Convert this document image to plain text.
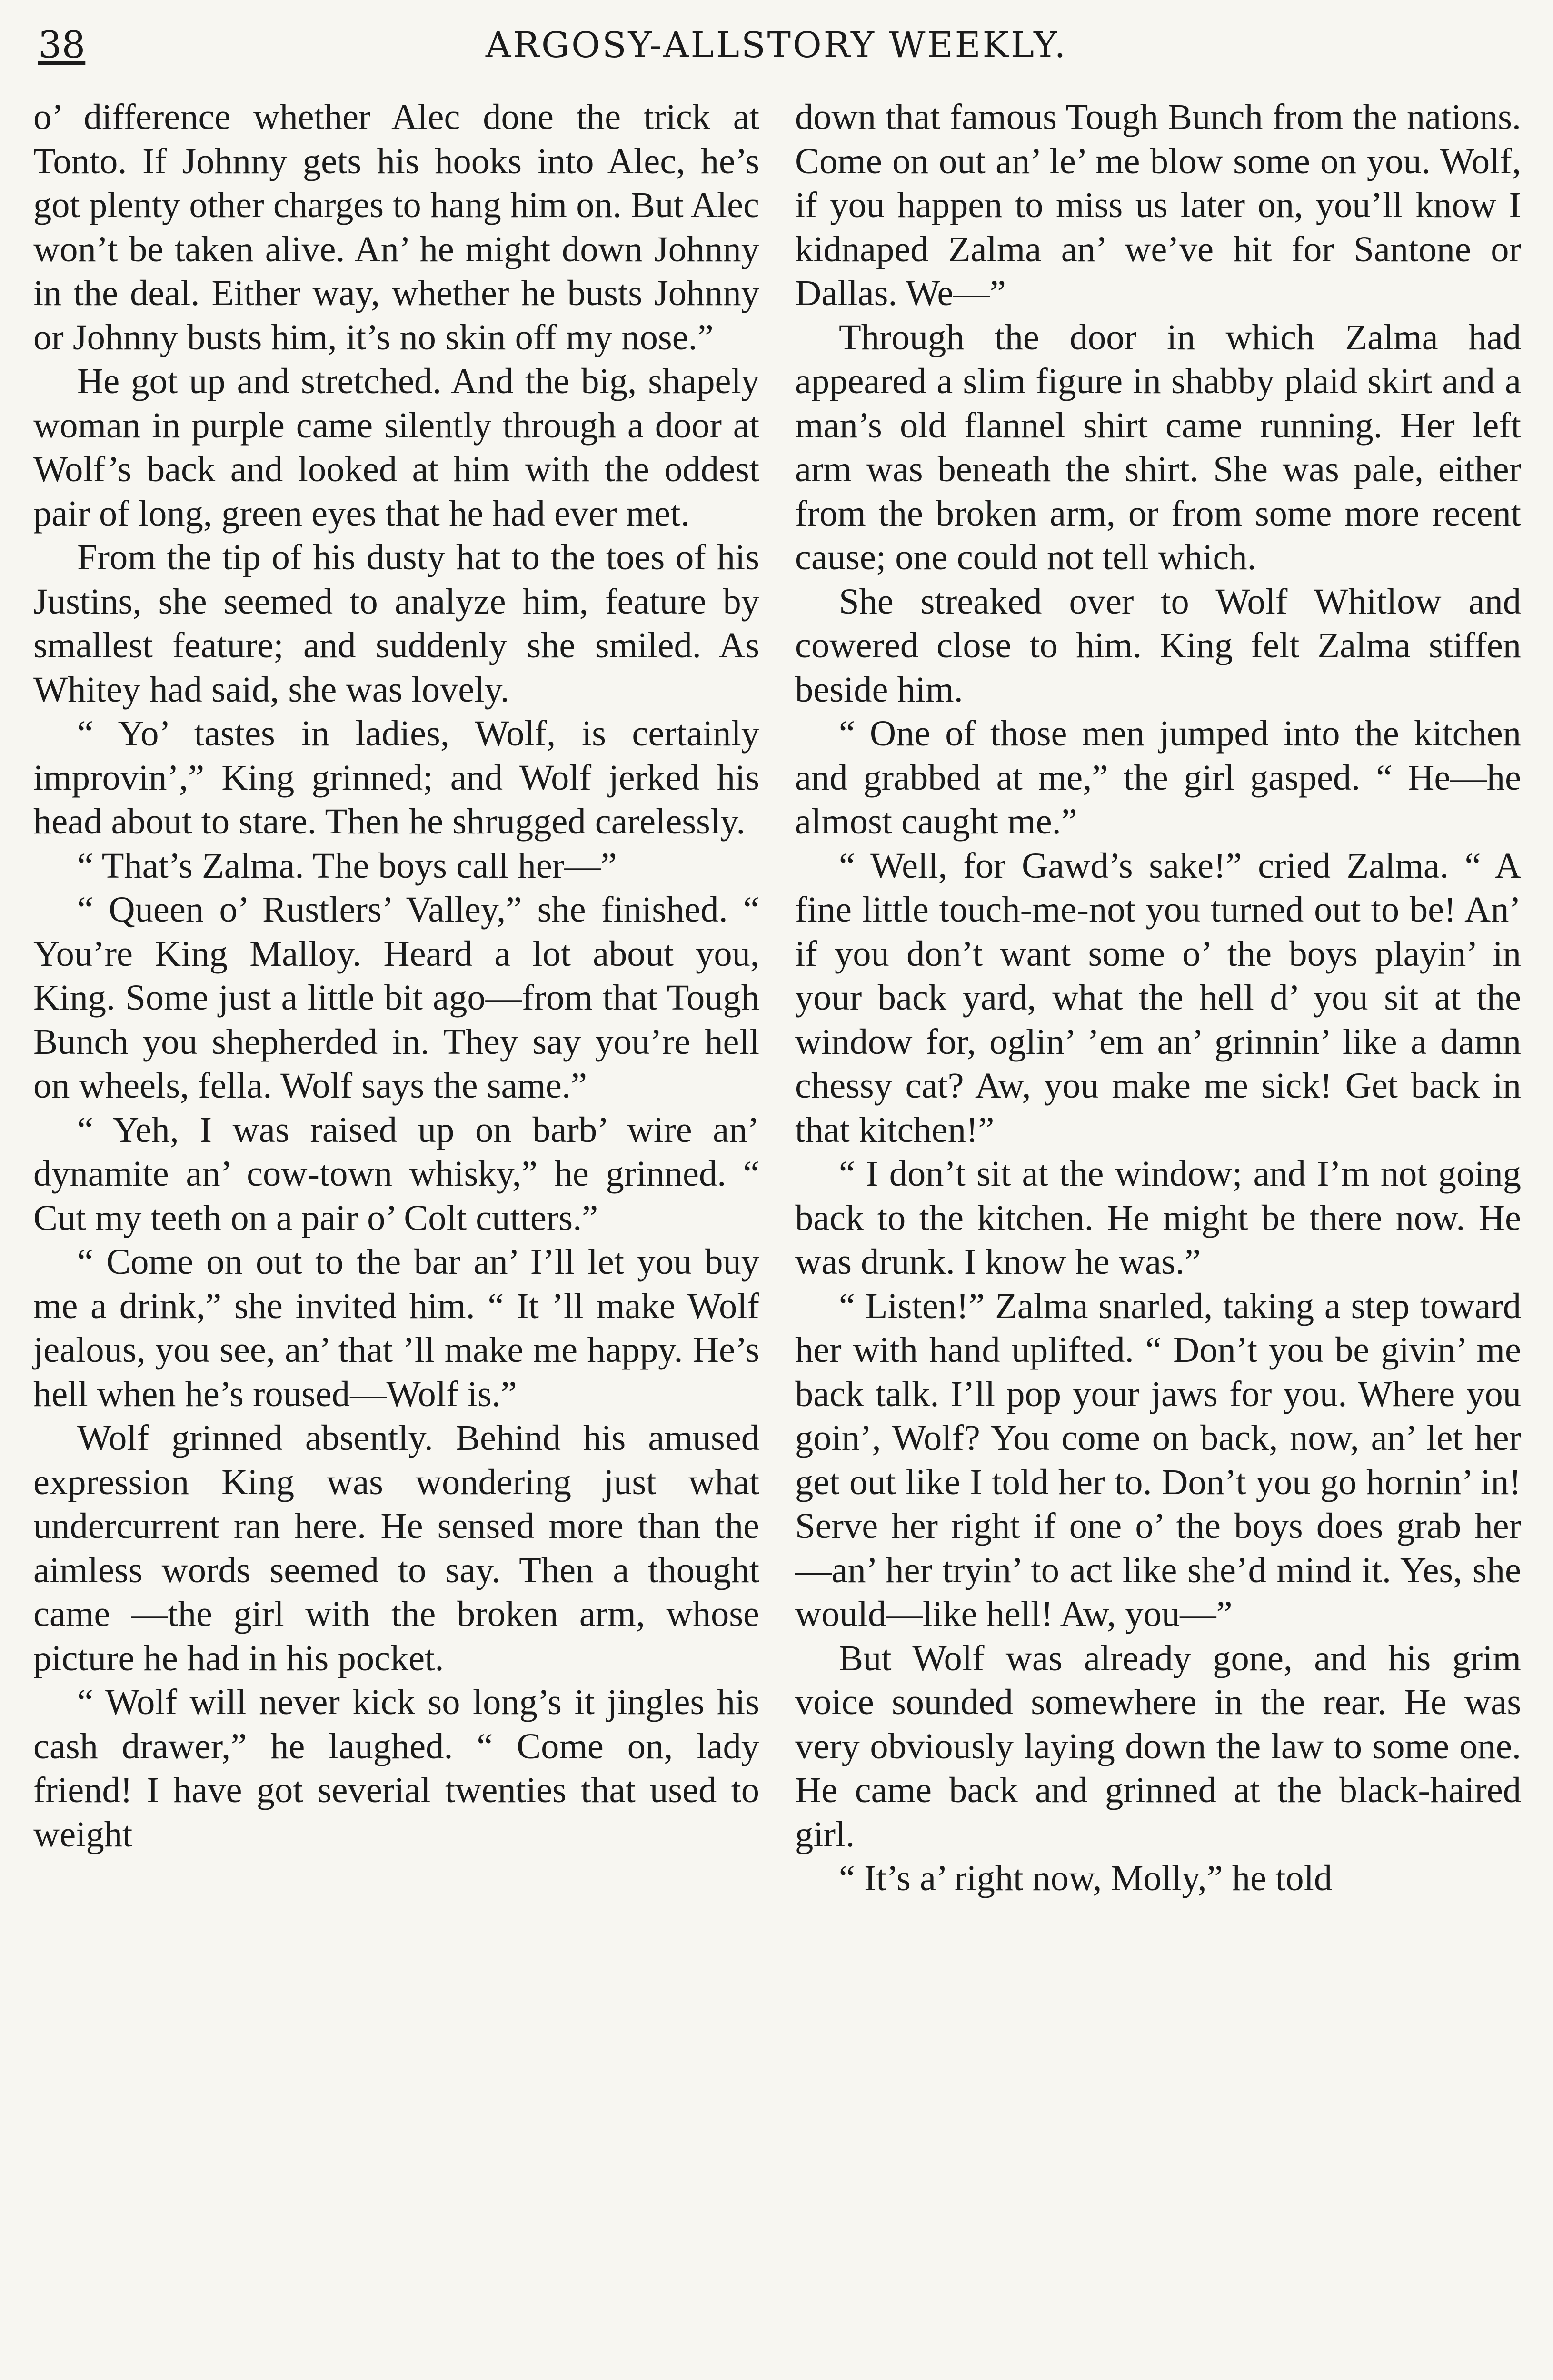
38	ARGOSY-ALLSTORY WEEKLY.

o’ difference whether Alec done the trick at Tonto. If Johnny gets his hooks into Alec, he’s got plenty other charges to hang him on. But Alec won’t be taken alive. An’ he might down Johnny in the deal. Either way, whether he busts Johnny or Johnny busts him, it’s no skin off my nose.”

He got up and stretched. And the big, shapely woman in purple came silently through a door at Wolf’s back and looked at him with the oddest pair of long, green eyes that he had ever met.

From the tip of his dusty hat to the toes of his Justins, she seemed to analyze him, feature by smallest feature; and suddenly she smiled. As Whitey had said, she was lovely.

“ Yo’ tastes in ladies, Wolf, is certainly improvin’,” King grinned; and Wolf jerked his head about to stare. Then he shrugged carelessly.

“ That’s Zalma. The boys call her—”

“ Queen o’ Rustlers’ Valley,” she finished. “ You’re King Malloy. Heard a lot about you, King. Some just a little bit ago—from that Tough Bunch you shepherded in. They say you’re hell on wheels, fella. Wolf says the same.”

“ Yeh, I was raised up on barb’ wire an’ dynamite an’ cow-town whisky,” he grinned. “ Cut my teeth on a pair o’ Colt cutters.”

“ Come on out to the bar an’ I’ll let you buy me a drink,” she invited him. “ It ’ll make Wolf jealous, you see, an’ that ’ll make me happy. He’s hell when he’s roused—Wolf is.”

Wolf grinned absently. Behind his amused expression King was wondering just what undercurrent ran here. He sensed more than the aimless words seemed to say. Then a thought came —the girl with the broken arm, whose picture he had in his pocket.

“ Wolf will never kick so long’s it jingles his cash drawer,” he laughed. “ Come on, lady friend! I have got severial twenties that used to weight

down that famous Tough Bunch from the nations. Come on out an’ le’ me blow some on you. Wolf, if you happen to miss us later on, you’ll know I kidnaped Zalma an’ we’ve hit for Santone or Dallas. We—”

Through the door in which Zalma had appeared a slim figure in shabby plaid skirt and a man’s old flannel shirt came running. Her left arm was beneath the shirt. She was pale, either from the broken arm, or from some more recent cause; one could not tell which.

She streaked over to Wolf Whitlow and cowered close to him. King felt Zalma stiffen beside him.

“ One of those men jumped into the kitchen and grabbed at me,” the girl gasped. “ He—he almost caught me.”

“ Well, for Gawd’s sake!” cried Zalma. “ A fine little touch-me-not you turned out to be! An’ if you don’t want some o’ the boys playin’ in your back yard, what the hell d’ you sit at the window for, oglin’ ’em an’ grinnin’ like a damn chessy cat? Aw, you make me sick! Get back in that kitchen!”

“ I don’t sit at the window; and I’m not going back to the kitchen. He might be there now. He was drunk. I know he was.”

“ Listen!” Zalma snarled, taking a step toward her with hand uplifted. “ Don’t you be givin’ me back talk. I’ll pop your jaws for you. Where you goin’, Wolf? You come on back, now, an’ let her get out like I told her to. Don’t you go hornin’ in! Serve her right if one o’ the boys does grab her —an’ her tryin’ to act like she’d mind it. Yes, she would—like hell! Aw, you—”

But Wolf was already gone, and his grim voice sounded somewhere in the rear. He was very obviously laying down the law to some one. He came back and grinned at the black-haired girl.

“ It’s a’ right now, Molly,” he told
